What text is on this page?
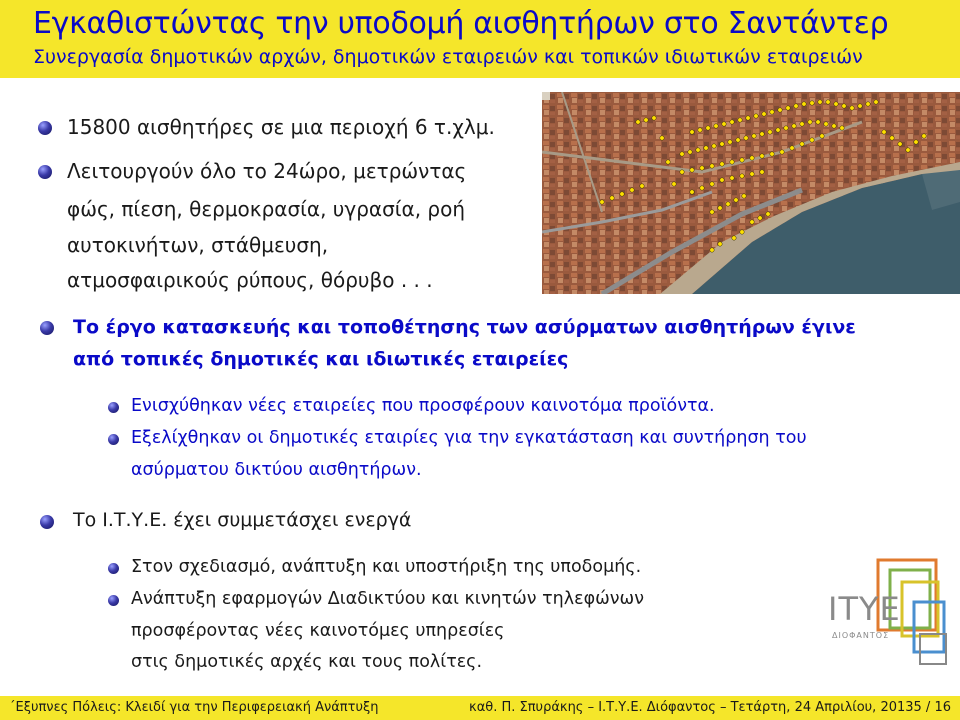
Εγκαθιστώντας την υποδομή αισθητήρων στο Σαντάντερ
Συνεργασία δημοτικών αρχών, δημοτικών εταιρειών και τοπικών ιδιωτικών εταιρειών
15800 αισθητήρες σε μια περιοχή 6 τ.χλμ.
Λειτουργούν όλο το 24ώρο, μετρώντας
φώς, πίεση, θερμοκρασία, υγρασία, ροή
αυτοκινήτων, στάθμευση,
ατμοσφαιρικούς ρύπους, θόρυβο . . .
Το έργο κατασκευής και τοποθέτησης των ασύρματων αισθητήρων έγινε
από τοπικές δημοτικές και ιδιωτικές εταιρείες
Ενισχύθηκαν νέες εταιρείες που προσφέρουν καινοτόμα προϊόντα.
Εξελίχθηκαν οι δημοτικές εταιρίες για την εγκατάσταση και συντήρηση του
ασύρματου δικτύου αισθητήρων.
Το Ι.Τ.Υ.Ε. έχει συμμετάσχει ενεργά
Στον σχεδιασμό, ανάπτυξη και υποστήριξη της υποδομής.
Ανάπτυξη εφαρμογών Διαδικτύου και κινητών τηλεφώνων
προσφέροντας νέες καινοτόμες υπηρεσίες
στις δημοτικές αρχές και τους πολίτες.
ΙΤΥΕ
ΔΙΟΦΑΝΤΟΣ
΄Εξυπνες Πόλεις: Κλειδί για την Περιφερειακή Ανάπτυξη	καθ. Π. Σπυράκης – Ι.Τ.Υ.Ε. Διόφαντος – Τετάρτη, 24 Απριλίου, 2013 5 / 16
